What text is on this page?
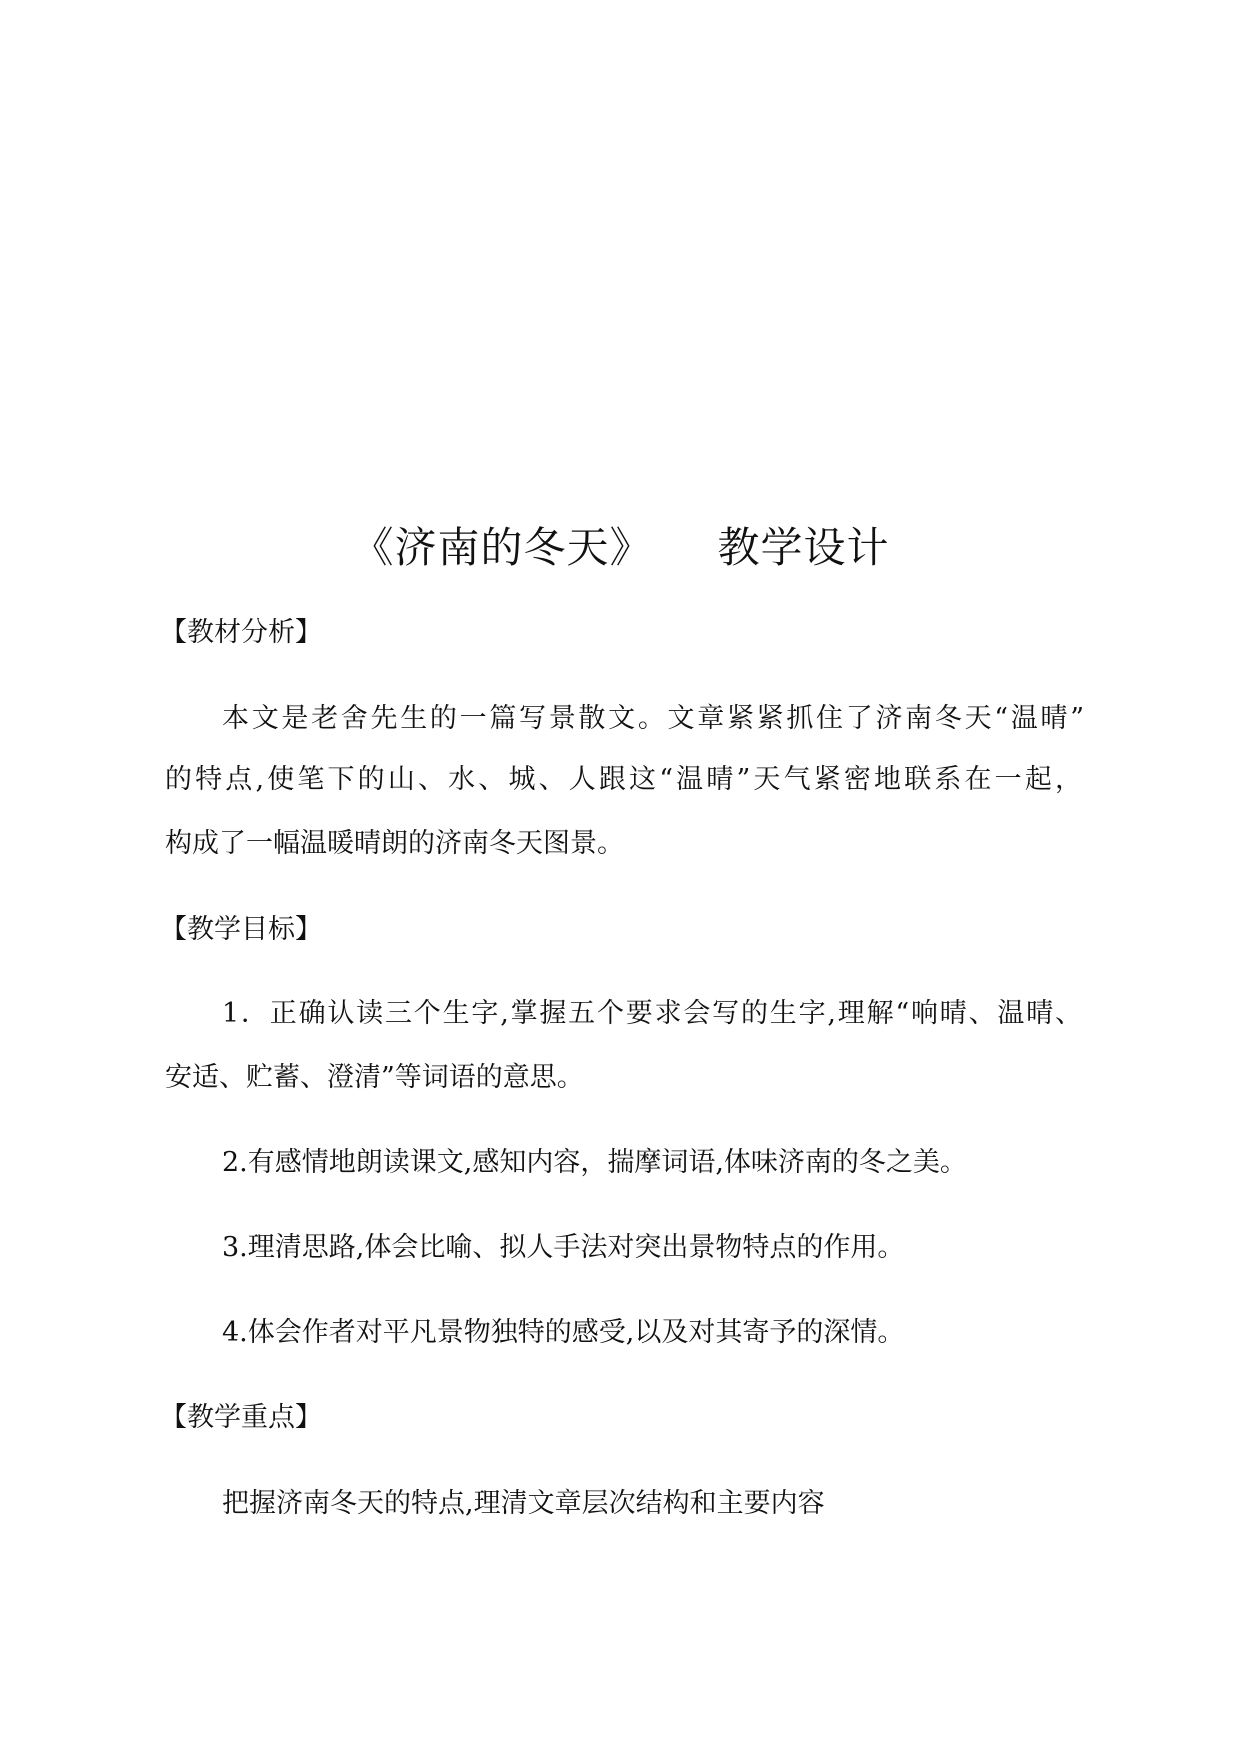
《济南的冬天》　　教学设计
【教材分析】
本文是老舍先生的一篇写景散文。文章紧紧抓住了济南冬天“温晴”
的特点,使笔下的山、水、城、人跟这“温晴”天气紧密地联系在一起，
构成了一幅温暖晴朗的济南冬天图景。
【教学目标】
1．正确认读三个生字,掌握五个要求会写的生字,理解“响晴、温晴、
安适、贮蓄、澄清”等词语的意思。
2.有感情地朗读课文,感知内容，揣摩词语,体味济南的冬之美。
3.理清思路,体会比喻、拟人手法对突出景物特点的作用。
4.体会作者对平凡景物独特的感受,以及对其寄予的深情。
【教学重点】
把握济南冬天的特点,理清文章层次结构和主要内容
